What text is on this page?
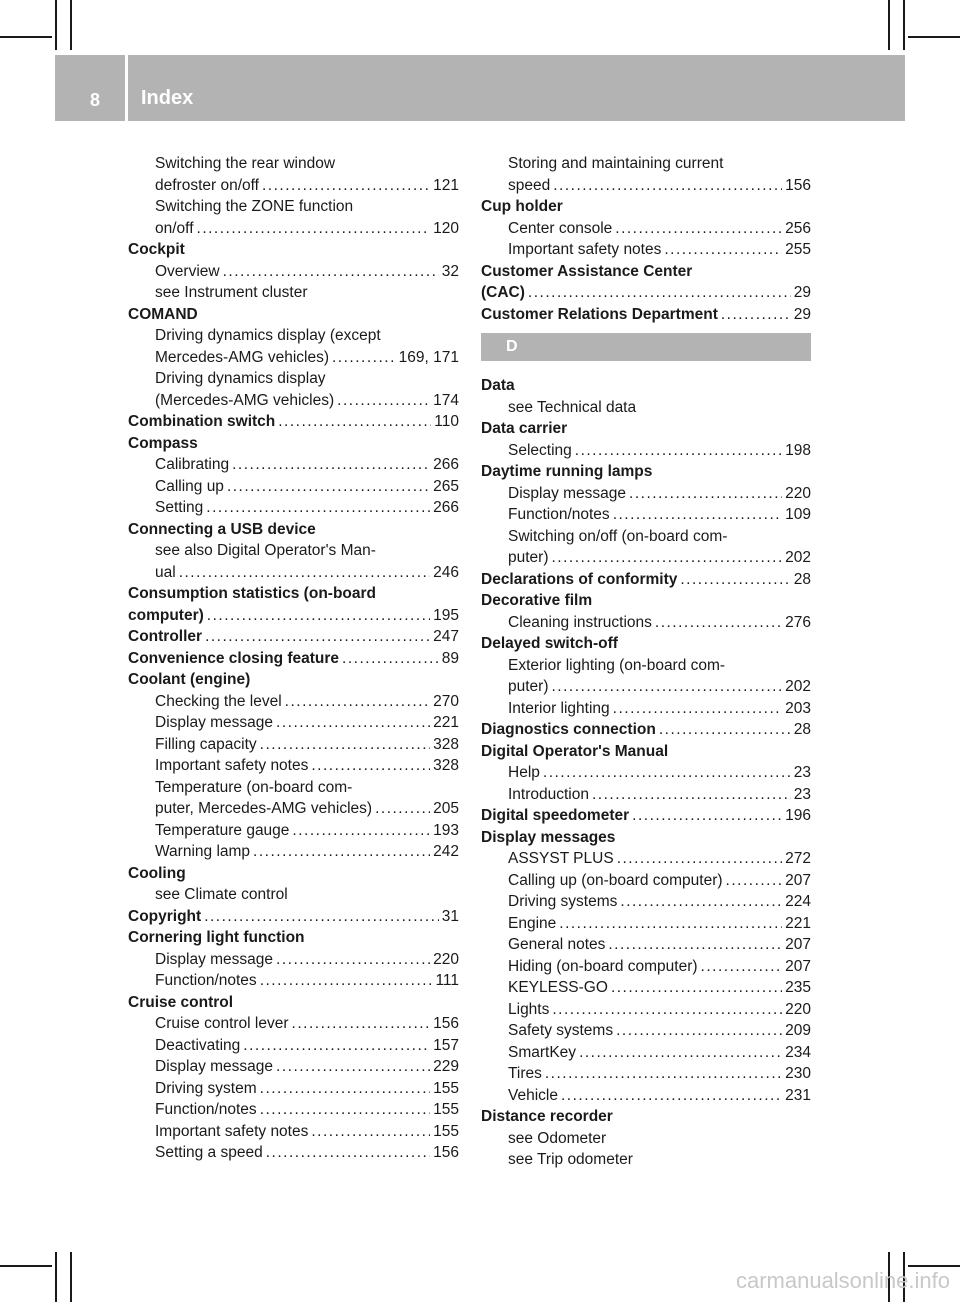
8 Index
Switching the rear window
defroster on/off .....	121
Switching the ZONE function
on/off .....	120
Cockpit
Overview .....	32
see Instrument cluster
COMAND
Driving dynamics display (except
Mercedes-AMG vehicles) .....	169, 171
Driving dynamics display
(Mercedes-AMG vehicles) .....	174
Combination switch .....	110
Compass
Calibrating .....	266
Calling up .....	265
Setting .....	266
Connecting a USB device
see also Digital Operator's Man-
ual .....	246
Consumption statistics (on-board
computer) .....	195
Controller .....	247
Convenience closing feature .....	89
Coolant (engine)
Checking the level .....	270
Display message .....	221
Filling capacity .....	328
Important safety notes .....	328
Temperature (on-board com-
puter, Mercedes-AMG vehicles) .....	205
Temperature gauge .....	193
Warning lamp .....	242
Cooling
see Climate control
Copyright .....	31
Cornering light function
Display message .....	220
Function/notes .....	111
Cruise control
Cruise control lever .....	156
Deactivating .....	157
Display message .....	229
Driving system .....	155
Function/notes .....	155
Important safety notes .....	155
Setting a speed .....	156
Storing and maintaining current
speed .....	156
Cup holder
Center console .....	256
Important safety notes .....	255
Customer Assistance Center
(CAC) .....	29
Customer Relations Department .....	29
D
Data
see Technical data
Data carrier
Selecting .....	198
Daytime running lamps
Display message .....	220
Function/notes .....	109
Switching on/off (on-board com-
puter) .....	202
Declarations of conformity .....	28
Decorative film
Cleaning instructions .....	276
Delayed switch-off
Exterior lighting (on-board com-
puter) .....	202
Interior lighting .....	203
Diagnostics connection .....	28
Digital Operator's Manual
Help .....	23
Introduction .....	23
Digital speedometer .....	196
Display messages
ASSYST PLUS .....	272
Calling up (on-board computer) .....	207
Driving systems .....	224
Engine .....	221
General notes .....	207
Hiding (on-board computer) .....	207
KEYLESS-GO .....	235
Lights .....	220
Safety systems .....	209
SmartKey .....	234
Tires .....	230
Vehicle .....	231
Distance recorder
see Odometer
see Trip odometer
carmanualsonline.info
